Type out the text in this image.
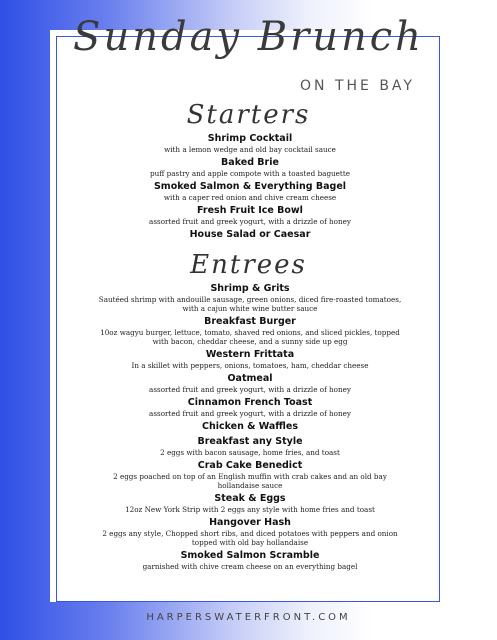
Sunday Brunch
ON THE BAY
Starters
Shrimp Cocktail
with a lemon wedge and old bay cocktail sauce
Baked Brie
puff pastry and apple compote with a toasted baguette
Smoked Salmon & Everything Bagel
with a caper red onion and chive cream cheese
Fresh Fruit Ice Bowl
assorted fruit and greek yogurt, with a drizzle of honey
House Salad or Caesar
Entrees
Shrimp & Grits
Sautéed shrimp with andouille sausage, green onions, diced fire-roasted tomatoes, with a cajun white wine butter sauce
Breakfast Burger
10oz wagyu burger, lettuce, tomato, shaved red onions, and sliced pickles, topped with bacon, cheddar cheese, and a sunny side up egg
Western Frittata
In a skillet with peppers, onions, tomatoes, ham, cheddar cheese
Oatmeal
assorted fruit and greek yogurt, with a drizzle of honey
Cinnamon French Toast
assorted fruit and greek yogurt, with a drizzle of honey
Chicken & Waffles
Breakfast any Style
2 eggs with bacon sausage, home fries, and toast
Crab Cake Benedict
2 eggs poached on top of an English muffin with crab cakes and an old bay hollandaise sauce
Steak & Eggs
12oz New York Strip with 2 eggs any style with home fries and toast
Hangover Hash
2 eggs any style, Chopped short ribs, and diced potatoes with peppers and onion topped with old bay hollandaise
Smoked Salmon Scramble
garnished with chive cream cheese on an everything bagel
HARPERSWATERFRONT.COM
